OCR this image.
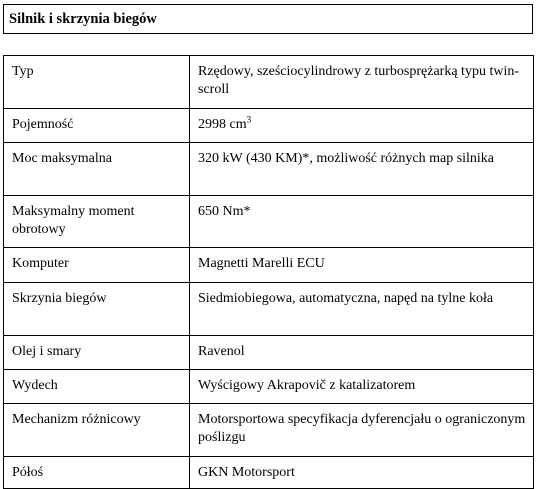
Silnik i skrzynia biegów
Typ	Rzędowy, sześciocylindrowy z turbosprężarką typu twin-scroll
Pojemność	2998 $cm^3$
Moc maksymalna	320 kW (430 KM)*, możliwość różnych map silnika
Maksymalny moment obrotowy	650 Nm*
Komputer	Magnetti Marelli ECU
Skrzynia biegów	Siedmiobiegowa, automatyczna, napęd na tylne koła
Olej i smary	Ravenol
Wydech	Wyścigowy Akrapovič z katalizatorem
Mechanizm różnicowy	Motorsportowa specyfikacja dyferencjału o ograniczonym poślizgu
Półoś	GKN Motorsport
